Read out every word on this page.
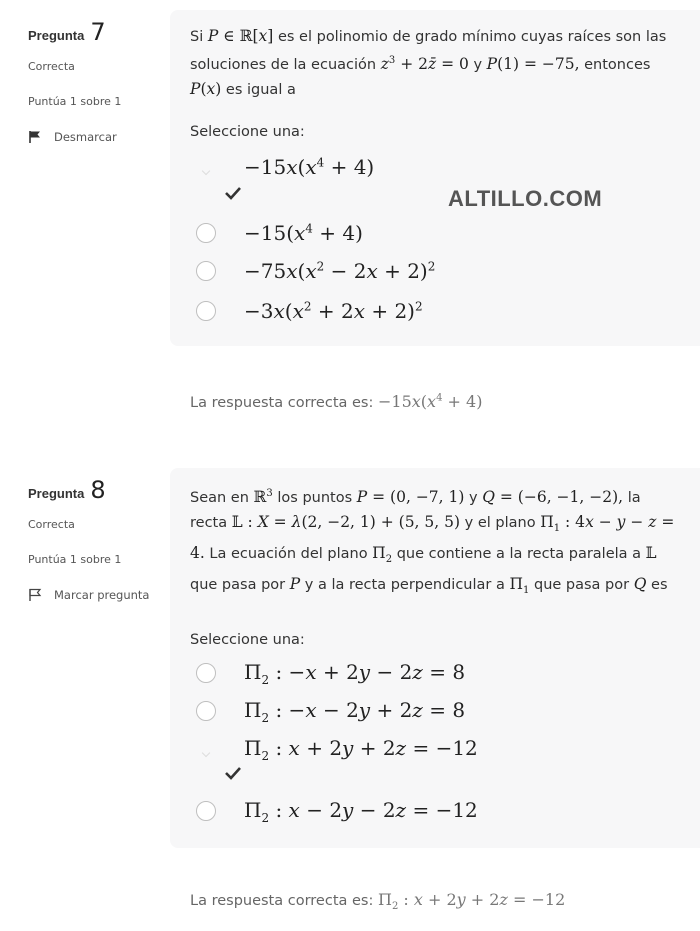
Pregunta 7
Correcta
Puntúa 1 sobre 1
Desmarcar
Si P ∈ ℝ[x] es el polinomio de grado mínimo cuyas raíces son las soluciones de la ecuación $z^3$ + 2z̄ = 0 y P(1) = −75, entonces P(x) es igual a
Seleccione una:
$-15x(x^4 + 4)$
$-15(x^4 + 4)$
$-75x(x^2 - 2x + 2)^2$
$-3x(x^2 + 2x + 2)^2$
ALTILLO.COM
La respuesta correcta es: $-15x(x^4 + 4)$
Pregunta 8
Correcta
Puntúa 1 sobre 1
Marcar pregunta
Sean en ℝ$^3$ los puntos P = (0, −7, 1) y Q = (−6, −1, −2), la recta 𝕃 : X = λ(2, −2, 1) + (5, 5, 5) y el plano $\Pi_1$ : 4x − y − z = 4. La ecuación del plano $\Pi_2$ que contiene a la recta paralela a 𝕃 que pasa por P y a la recta perpendicular a $\Pi_1$ que pasa por Q es
Seleccione una:
$\Pi_2$ : −x + 2y − 2z = 8
$\Pi_2$ : −x − 2y + 2z = 8
$\Pi_2$ : x + 2y + 2z = −12
$\Pi_2$ : x − 2y − 2z = −12
La respuesta correcta es: $\Pi_2$ : x + 2y + 2z = −12
